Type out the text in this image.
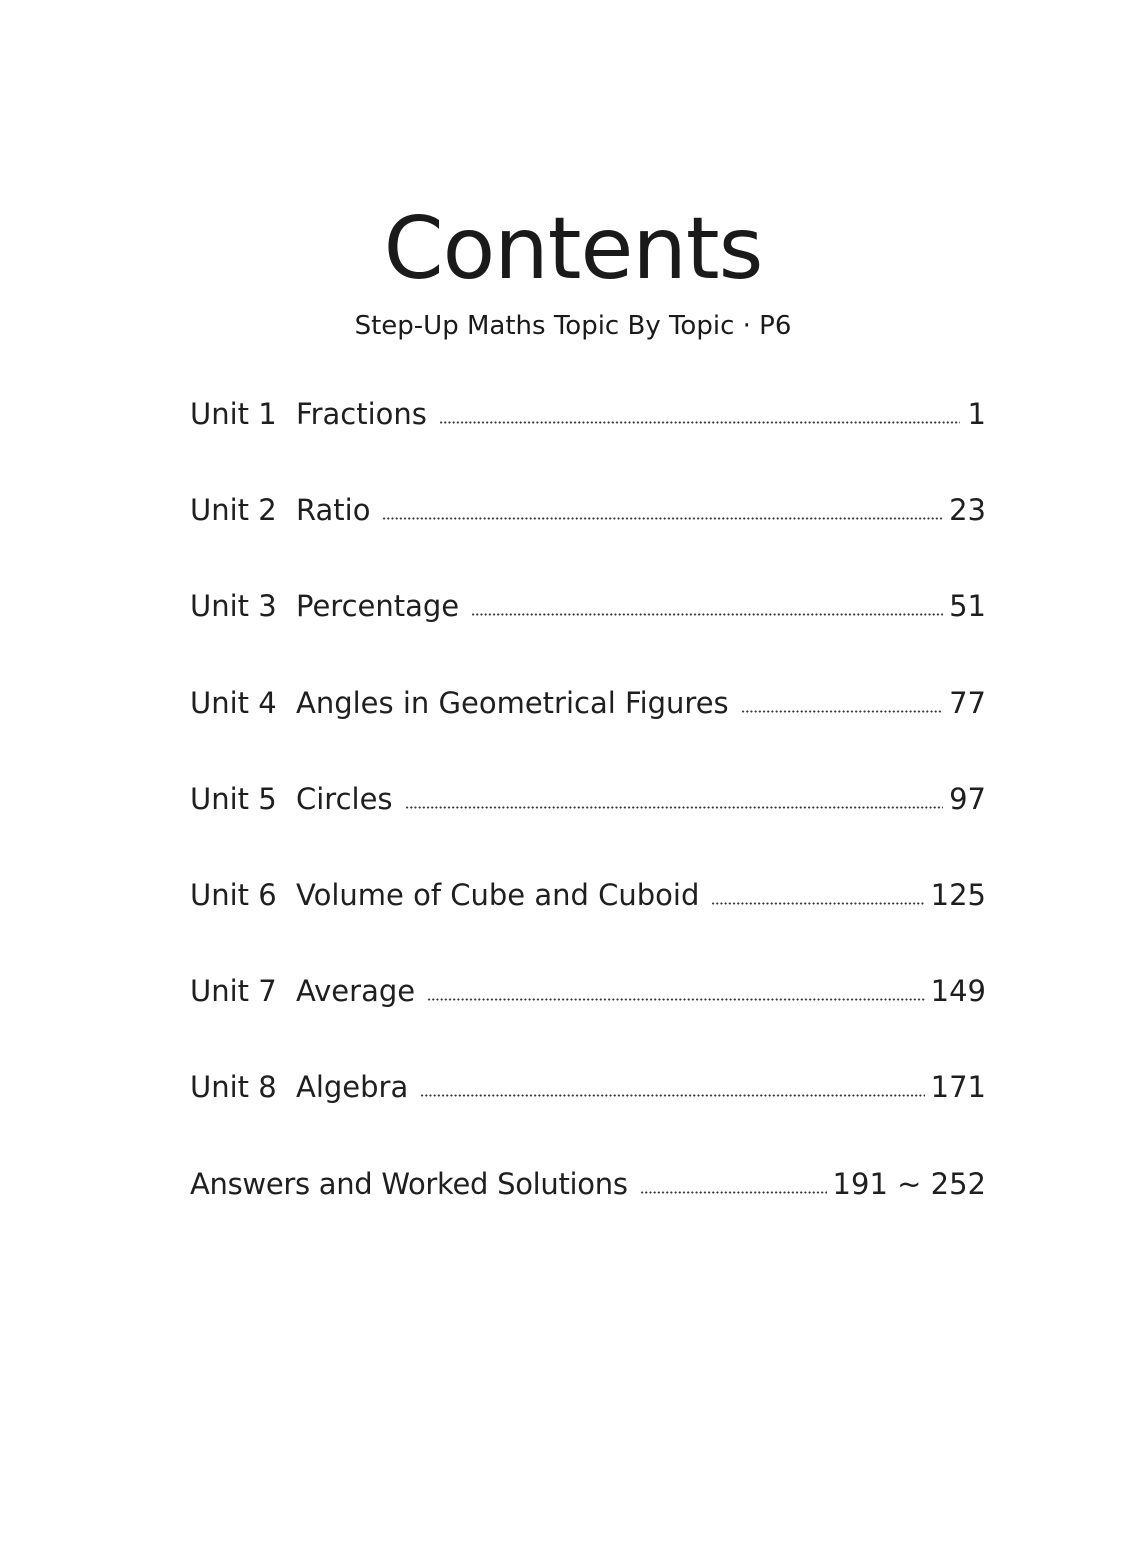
Contents
Step-Up Maths Topic By Topic · P6
Unit 1 Fractions	1
Unit 2 Ratio	23
Unit 3 Percentage	51
Unit 4 Angles in Geometrical Figures	77
Unit 5 Circles	97
Unit 6 Volume of Cube and Cuboid	125
Unit 7 Average	149
Unit 8 Algebra	171
Answers and Worked Solutions	191 ~ 252
